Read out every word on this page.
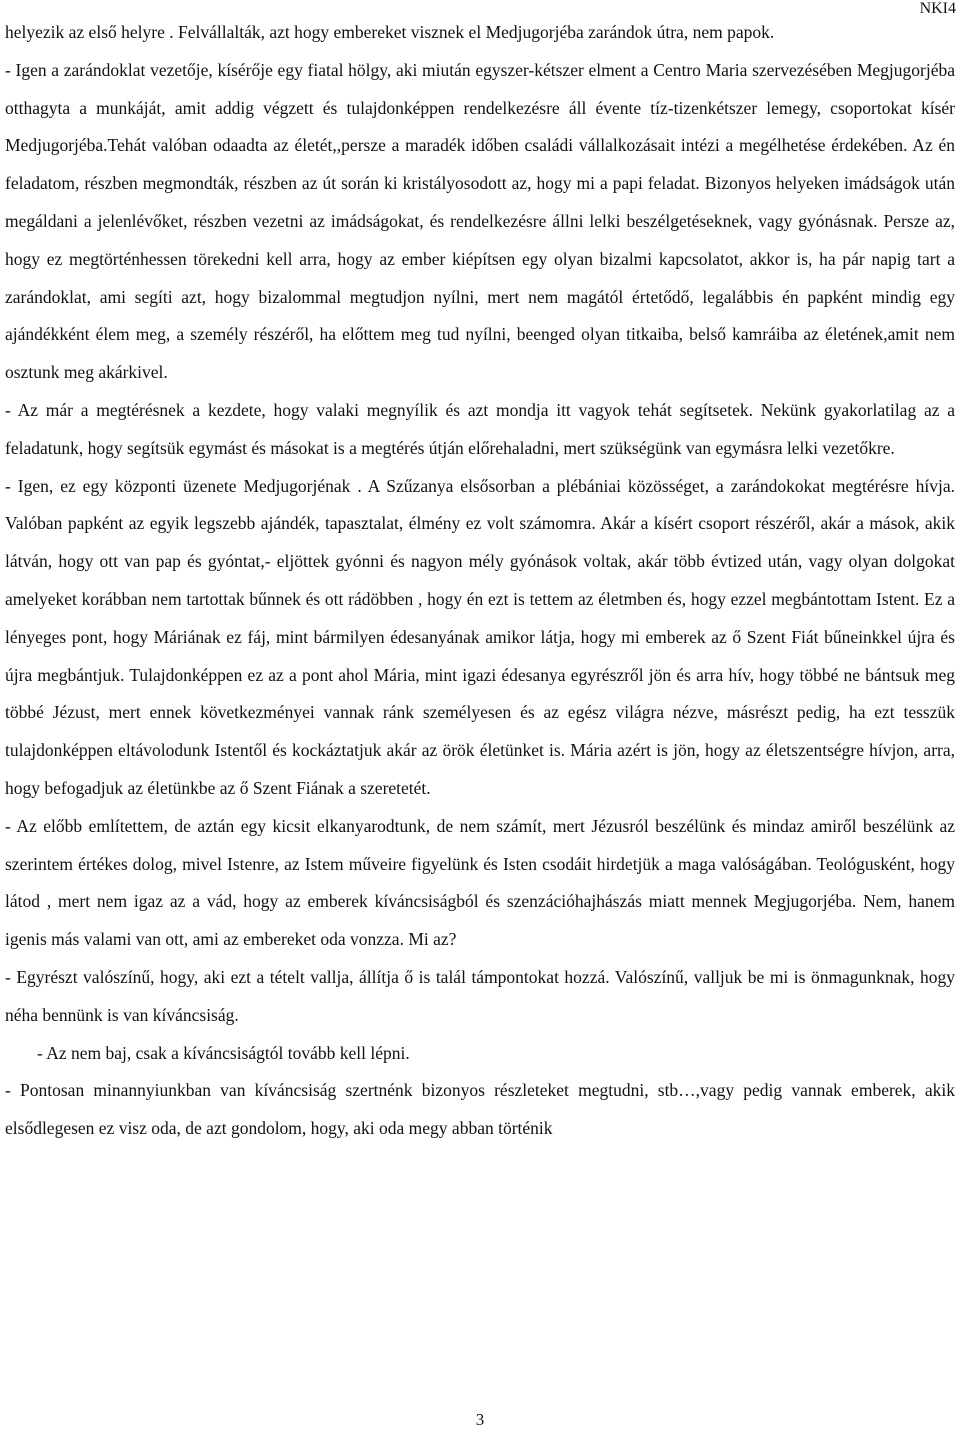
NKI4

helyezik az első helyre . Felvállalták, azt hogy embereket visznek el Medjugorjéba zarándok útra, nem papok.

- Igen a zarándoklat vezetője, kísérője egy fiatal hölgy, aki miután egyszer-kétszer elment a Centro Maria szervezésében Megjugorjéba otthagyta a munkáját, amit addig végzett és tulajdonképpen rendelkezésre áll évente tíz-tizenkétszer lemegy, csoportokat kísér Medjugorjéba.Tehát valóban odaadta az életét,,persze a maradék időben családi vállalkozásait intézi a megélhetése érdekében. Az én feladatom, részben megmondták, részben az út során ki kristályosodott az, hogy mi a papi feladat. Bizonyos helyeken imádságok után megáldani a jelenlévőket, részben vezetni az imádságokat, és rendelkezésre állni lelki beszélgetéseknek, vagy gyónásnak. Persze az, hogy ez megtörténhessen törekedni kell arra, hogy az ember kiépítsen egy olyan bizalmi kapcsolatot, akkor is, ha pár napig tart a zarándoklat, ami segíti azt, hogy bizalommal megtudjon nyílni, mert nem magától értetődő, legalábbis én papként mindig egy ajándékként élem meg, a személy részéről, ha előttem meg tud nyílni, beenged olyan titkaiba, belső kamráiba az életének,amit nem osztunk meg akárkivel.

- Az már a megtérésnek a kezdete, hogy valaki megnyílik és azt mondja itt vagyok tehát segítsetek. Nekünk gyakorlatilag az a feladatunk, hogy segítsük egymást és másokat is a megtérés útján előrehaladni, mert szükségünk van egymásra lelki vezetőkre.

- Igen, ez egy központi üzenete Medjugorjénak . A Szűzanya elsősorban a plébániai közösséget, a zarándokokat megtérésre hívja. Valóban papként az egyik legszebb ajándék, tapasztalat, élmény ez volt számomra. Akár a kísért csoport részéről, akár a mások, akik látván, hogy ott van pap és gyóntat,- eljöttek gyónni és nagyon mély gyónások voltak, akár több évtized után, vagy olyan dolgokat amelyeket korábban nem tartottak bűnnek és ott rádöbben , hogy én ezt is tettem az életmben és, hogy ezzel megbántottam Istent. Ez a lényeges pont, hogy Máriának ez fáj, mint bármilyen édesanyának amikor látja, hogy mi emberek az ő Szent Fiát bűneinkkel újra és újra megbántjuk. Tulajdonképpen ez az a pont ahol Mária, mint igazi édesanya egyrészről jön és arra hív, hogy többé ne bántsuk meg többé Jézust, mert ennek következményei vannak ránk személyesen és az egész világra nézve, másrészt pedig, ha ezt tesszük tulajdonképpen eltávolodunk Istentől és kockáztatjuk akár az örök életünket is. Mária azért is jön, hogy az életszentségre hívjon, arra, hogy befogadjuk az életünkbe az ő Szent Fiának a szeretetét.

- Az előbb említettem, de aztán egy kicsit elkanyarodtunk, de nem számít, mert Jézusról beszélünk és mindaz amiről beszélünk az szerintem értékes dolog, mivel Istenre, az Istem műveire figyelünk és Isten csodáit hirdetjük a maga valóságában. Teológusként, hogy látod , mert nem igaz az a vád, hogy az emberek kíváncsiságból és szenzációhajhászás miatt mennek Megjugorjéba. Nem, hanem igenis más valami van ott, ami az embereket oda vonzza. Mi az?

- Egyrészt valószínű, hogy, aki ezt a tételt vallja, állítja ő is talál támpontokat hozzá. Valószínű, valljuk be mi is önmagunknak, hogy néha bennünk is van kíváncsiság.

- Az nem baj, csak a kíváncsiságtól tovább kell lépni.

- Pontosan minannyiunkban van kíváncsiság szertnénk bizonyos részleteket megtudni, stb…,vagy pedig vannak emberek, akik elsődlegesen ez visz oda, de azt gondolom, hogy, aki oda megy abban történik

3
